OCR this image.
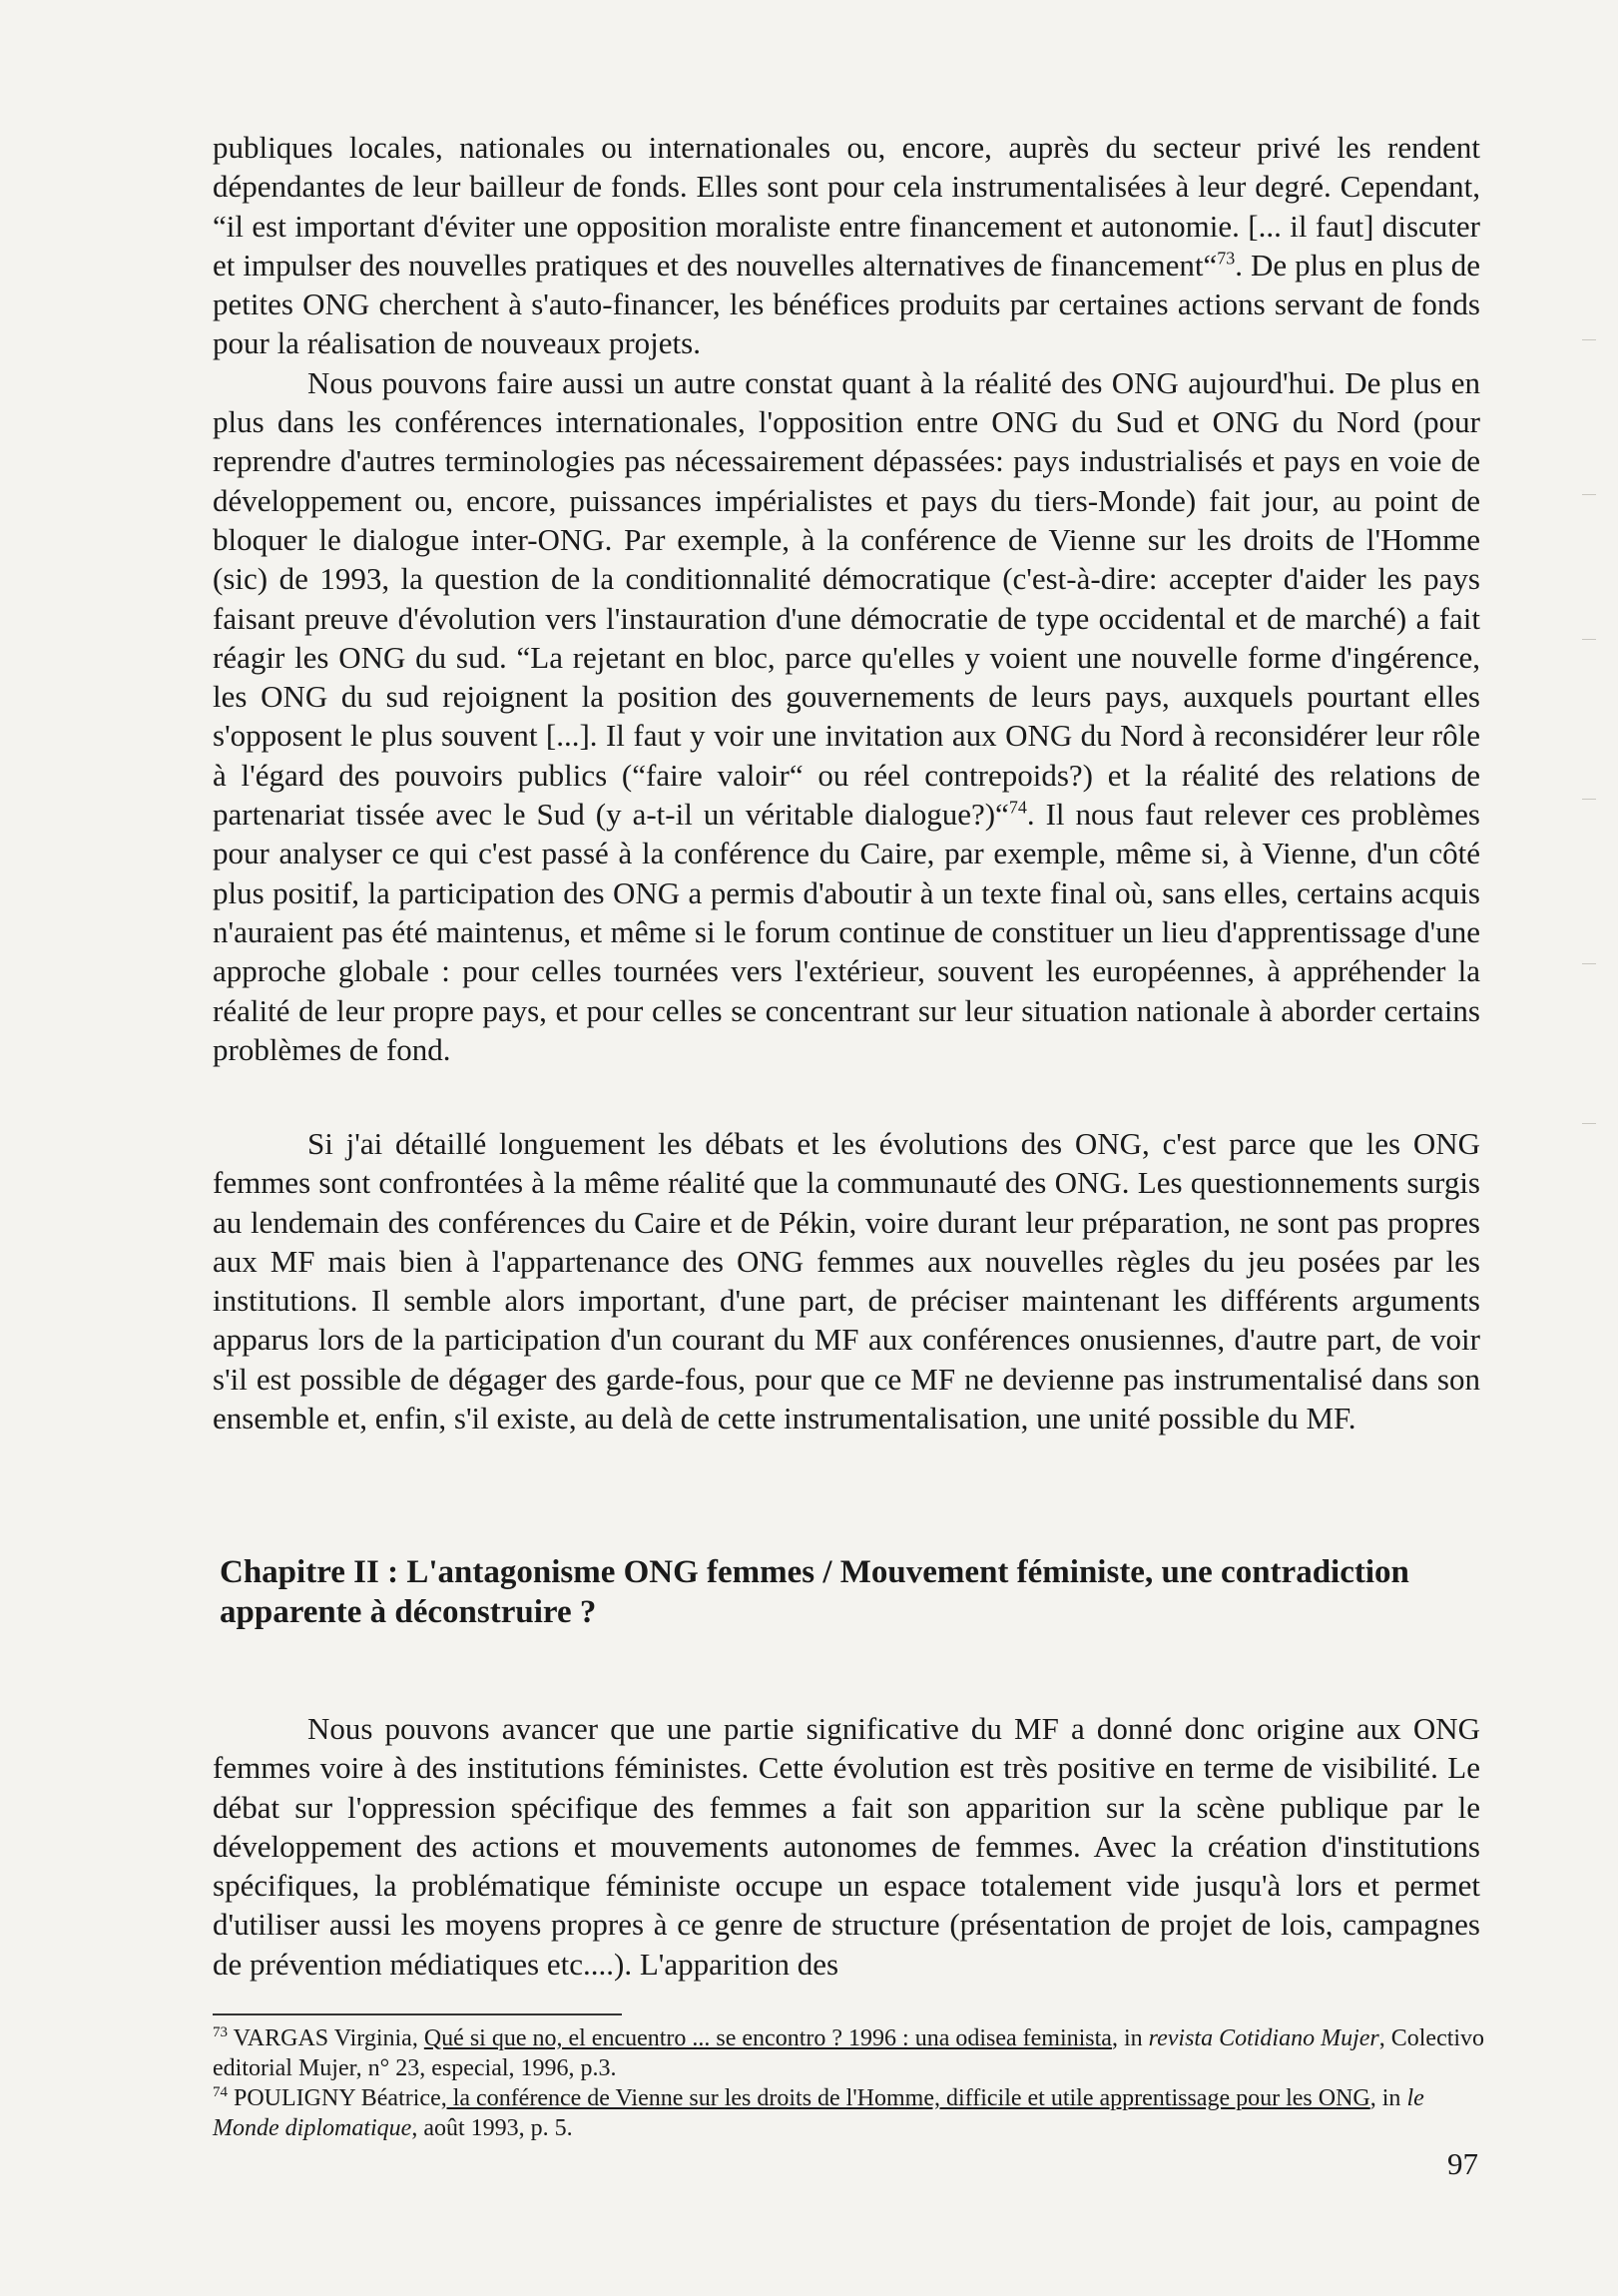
publiques locales, nationales ou internationales ou, encore, auprès du secteur privé les rendent dépendantes de leur bailleur de fonds. Elles sont pour cela instrumentalisées à leur degré. Cependant, “il est important d'éviter une opposition moraliste entre financement et autonomie. [... il faut] discuter et impulser des nouvelles pratiques et des nouvelles alternatives de financement“$^{73}$. De plus en plus de petites ONG cherchent à s'auto-financer, les bénéfices produits par certaines actions servant de fonds pour la réalisation de nouveaux projets.

Nous pouvons faire aussi un autre constat quant à la réalité des ONG aujourd'hui. De plus en plus dans les conférences internationales, l'opposition entre ONG du Sud et ONG du Nord (pour reprendre d'autres terminologies pas nécessairement dépassées: pays industrialisés et pays en voie de développement ou, encore, puissances impérialistes et pays du tiers-Monde) fait jour, au point de bloquer le dialogue inter-ONG. Par exemple, à la conférence de Vienne sur les droits de l'Homme (sic) de 1993, la question de la conditionnalité démocratique (c'est-à-dire: accepter d'aider les pays faisant preuve d'évolution vers l'instauration d'une démocratie de type occidental et de marché) a fait réagir les ONG du sud. “La rejetant en bloc, parce qu'elles y voient une nouvelle forme d'ingérence, les ONG du sud rejoignent la position des gouvernements de leurs pays, auxquels pourtant elles s'opposent le plus souvent [...]. Il faut y voir une invitation aux ONG du Nord à reconsidérer leur rôle à l'égard des pouvoirs publics (“faire valoir“ ou réel contrepoids?) et la réalité des relations de partenariat tissée avec le Sud (y a-t-il un véritable dialogue?)“$^{74}$. Il nous faut relever ces problèmes pour analyser ce qui c'est passé à la conférence du Caire, par exemple, même si, à Vienne, d'un côté plus positif, la participation des ONG a permis d'aboutir à un texte final où, sans elles, certains acquis n'auraient pas été maintenus, et même si le forum continue de constituer un lieu d'apprentissage d'une approche globale : pour celles tournées vers l'extérieur, souvent les européennes, à appréhender la réalité de leur propre pays, et pour celles se concentrant sur leur situation nationale à aborder certains problèmes de fond.

Si j'ai détaillé longuement les débats et les évolutions des ONG, c'est parce que les ONG femmes sont confrontées à la même réalité que la communauté des ONG. Les questionnements surgis au lendemain des conférences du Caire et de Pékin, voire durant leur préparation, ne sont pas propres aux MF mais bien à l'appartenance des ONG femmes aux nouvelles règles du jeu posées par les institutions. Il semble alors important, d'une part, de préciser maintenant les différents arguments apparus lors de la participation d'un courant du MF aux conférences onusiennes, d'autre part, de voir s'il est possible de dégager des garde-fous, pour que ce MF ne devienne pas instrumentalisé dans son ensemble et, enfin, s'il existe, au delà de cette instrumentalisation, une unité possible du MF.

Chapitre II : L'antagonisme ONG femmes / Mouvement féministe, une contradiction apparente à déconstruire ?

Nous pouvons avancer que une partie significative du MF a donné donc origine aux ONG femmes voire à des institutions féministes. Cette évolution est très positive en terme de visibilité. Le débat sur l'oppression spécifique des femmes a fait son apparition sur la scène publique par le développement des actions et mouvements autonomes de femmes. Avec la création d'institutions spécifiques, la problématique féministe occupe un espace totalement vide jusqu'à lors et permet d'utiliser aussi les moyens propres à ce genre de structure (présentation de projet de lois, campagnes de prévention médiatiques etc....). L'apparition des

$^{73}$ VARGAS Virginia, Qué si que no, el encuentro ... se encontro ? 1996 : una odisea feminista, in revista Cotidiano Mujer, Colectivo editorial Mujer, n° 23, especial, 1996, p.3.

$^{74}$ POULIGNY Béatrice, la conférence de Vienne sur les droits de l'Homme, difficile et utile apprentissage pour les ONG, in le Monde diplomatique, août 1993, p. 5.

97
